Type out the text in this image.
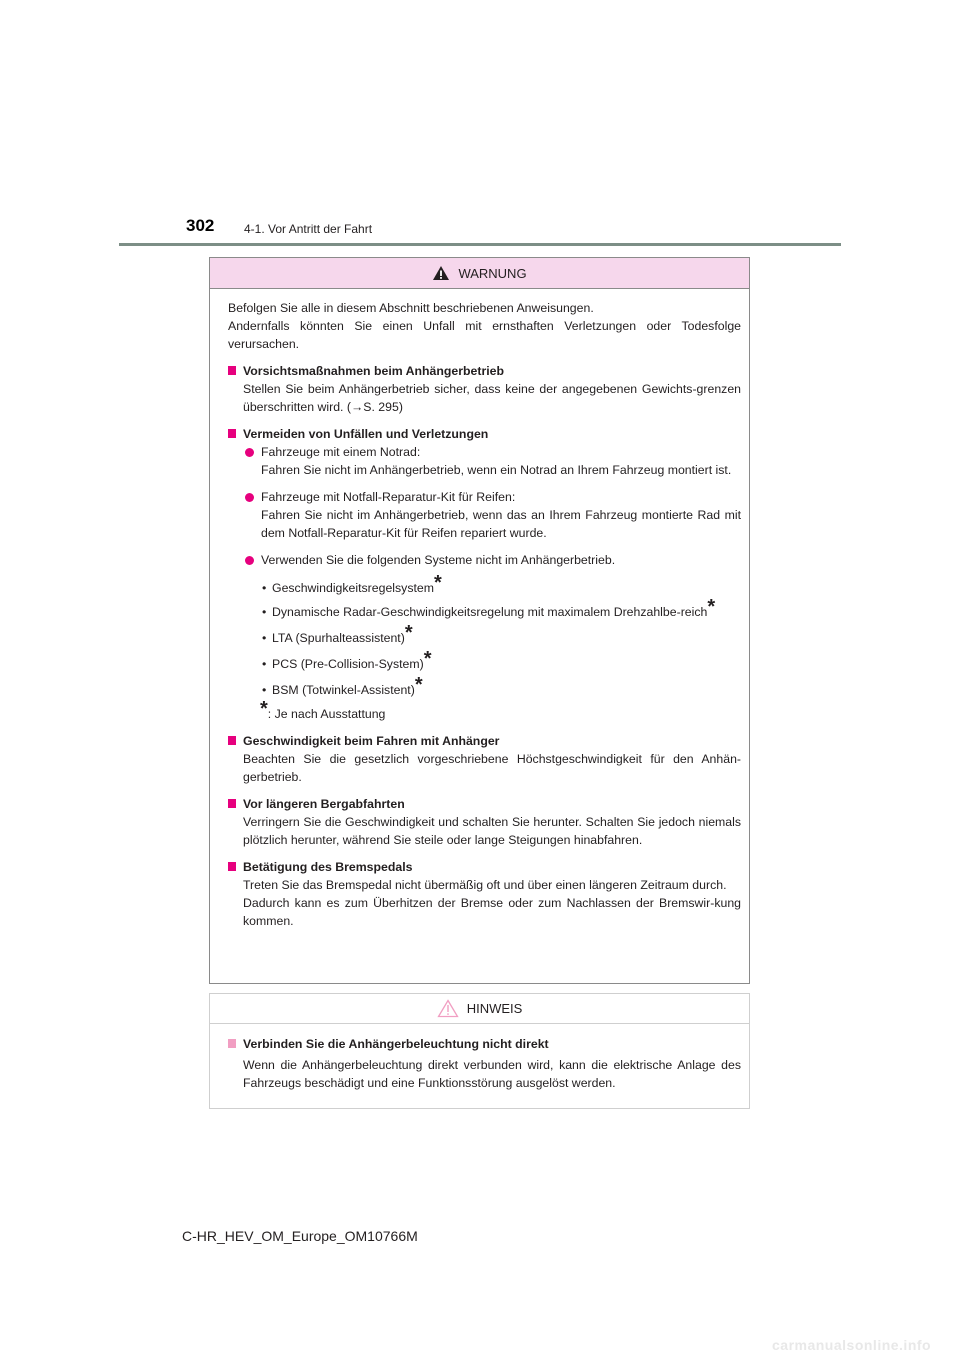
302 4-1. Vor Antritt der Fahrt
WARNUNG

Befolgen Sie alle in diesem Abschnitt beschriebenen Anweisungen.

Andernfalls könnten Sie einen Unfall mit ernsthaften Verletzungen oder Todesfolge verursachen.

Vorsichtsmaßnahmen beim Anhängerbetrieb

Stellen Sie beim Anhängerbetrieb sicher, dass keine der angegebenen Gewichts-grenzen überschritten wird. (→S. 295)

Vermeiden von Unfällen und Verletzungen

Fahrzeuge mit einem Notrad:

Fahren Sie nicht im Anhängerbetrieb, wenn ein Notrad an Ihrem Fahrzeug montiert ist.

Fahrzeuge mit Notfall-Reparatur-Kit für Reifen:

Fahren Sie nicht im Anhängerbetrieb, wenn das an Ihrem Fahrzeug montierte Rad mit dem Notfall-Reparatur-Kit für Reifen repariert wurde.

Verwenden Sie die folgenden Systeme nicht im Anhängerbetrieb.

• Geschwindigkeitsregelsystem*

• Dynamische Radar-Geschwindigkeitsregelung mit maximalem Drehzahlbe-reich*

• LTA (Spurhalteassistent)*

• PCS (Pre-Collision-System)*

• BSM (Totwinkel-Assistent)*

*: Je nach Ausstattung

Geschwindigkeit beim Fahren mit Anhänger

Beachten Sie die gesetzlich vorgeschriebene Höchstgeschwindigkeit für den Anhän-gerbetrieb.

Vor längeren Bergabfahrten

Verringern Sie die Geschwindigkeit und schalten Sie herunter. Schalten Sie jedoch niemals plötzlich herunter, während Sie steile oder lange Steigungen hinabfahren.

Betätigung des Bremspedals

Treten Sie das Bremspedal nicht übermäßig oft und über einen längeren Zeitraum durch.

Dadurch kann es zum Überhitzen der Bremse oder zum Nachlassen der Bremswir-kung kommen.

HINWEIS

Verbinden Sie die Anhängerbeleuchtung nicht direkt

Wenn die Anhängerbeleuchtung direkt verbunden wird, kann die elektrische Anlage des Fahrzeugs beschädigt und eine Funktionsstörung ausgelöst werden.

C-HR_HEV_OM_Europe_OM10766M
carmanualsonline.info
